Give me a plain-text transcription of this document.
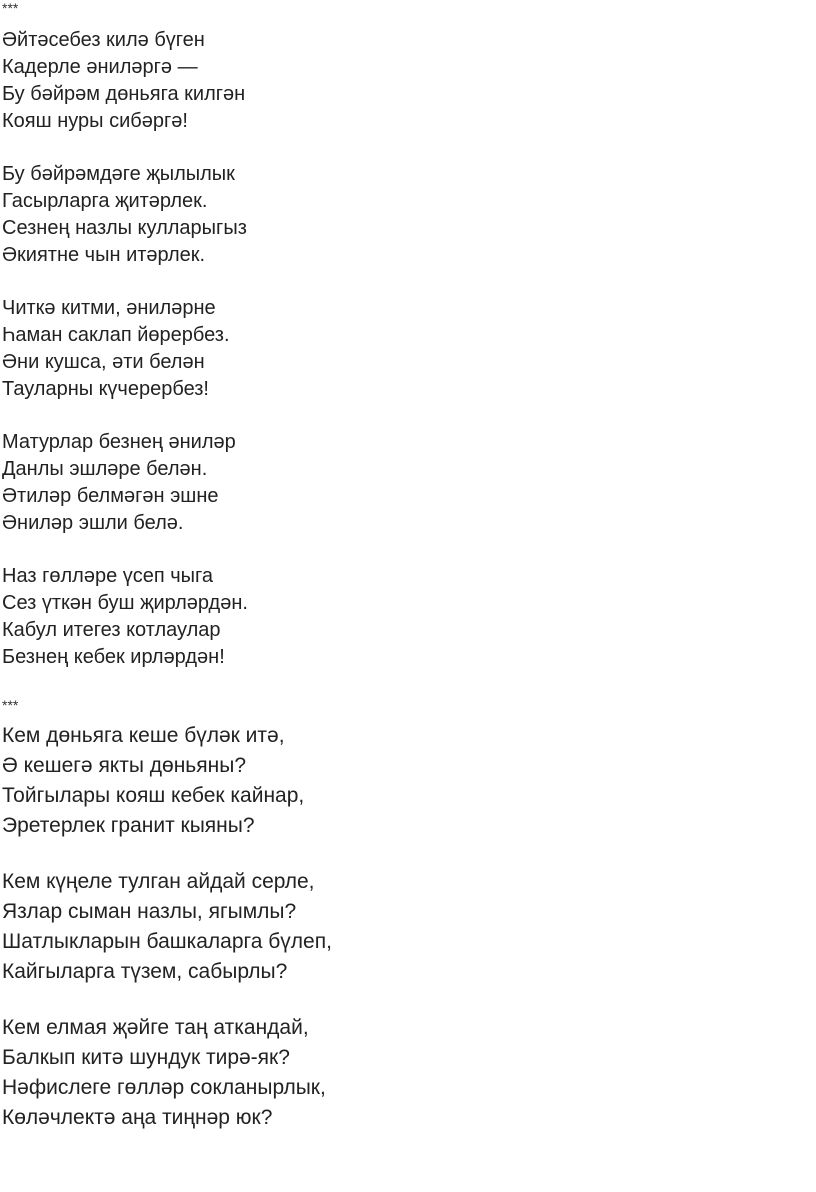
***
Әйтәсебез килә бүген
Кадерле әниләргә —
Бу бәйрәм дөньяга килгән
Кояш нуры сибәргә!
Бу бәйрәмдәге җылылык
Гасырларга җитәрлек.
Сезнең назлы кулларыгыз
Әкиятне чын итәрлек.
Читкә китми, әниләрне
Һаман саклап йөрербез.
Әни кушса, әти белән
Тауларны күчерербез!
Матурлар безнең әниләр
Данлы эшләре белән.
Әтиләр белмәгән эшне
Әниләр эшли белә.
Наз гөлләре үсеп чыга
Сез үткән буш җирләрдән.
Кабул итегез котлаулар
Безнең кебек ирләрдән!
***
Кем дөньяга кеше бүләк итә,
Ә кешегә якты дөньяны?
Тойгылары кояш кебек кайнар,
Эретерлек гранит кыяны?
Кем күңеле тулган айдай серле,
Язлар сыман назлы, ягымлы?
Шатлыкларын башкаларга бүлеп,
Кайгыларга түзем, сабырлы?
Кем елмая җәйге таң аткандай,
Балкып китә шундук тирә-як?
Нәфислеге гөлләр сокланырлык,
Көләчлектә аңа тиңнәр юк?
